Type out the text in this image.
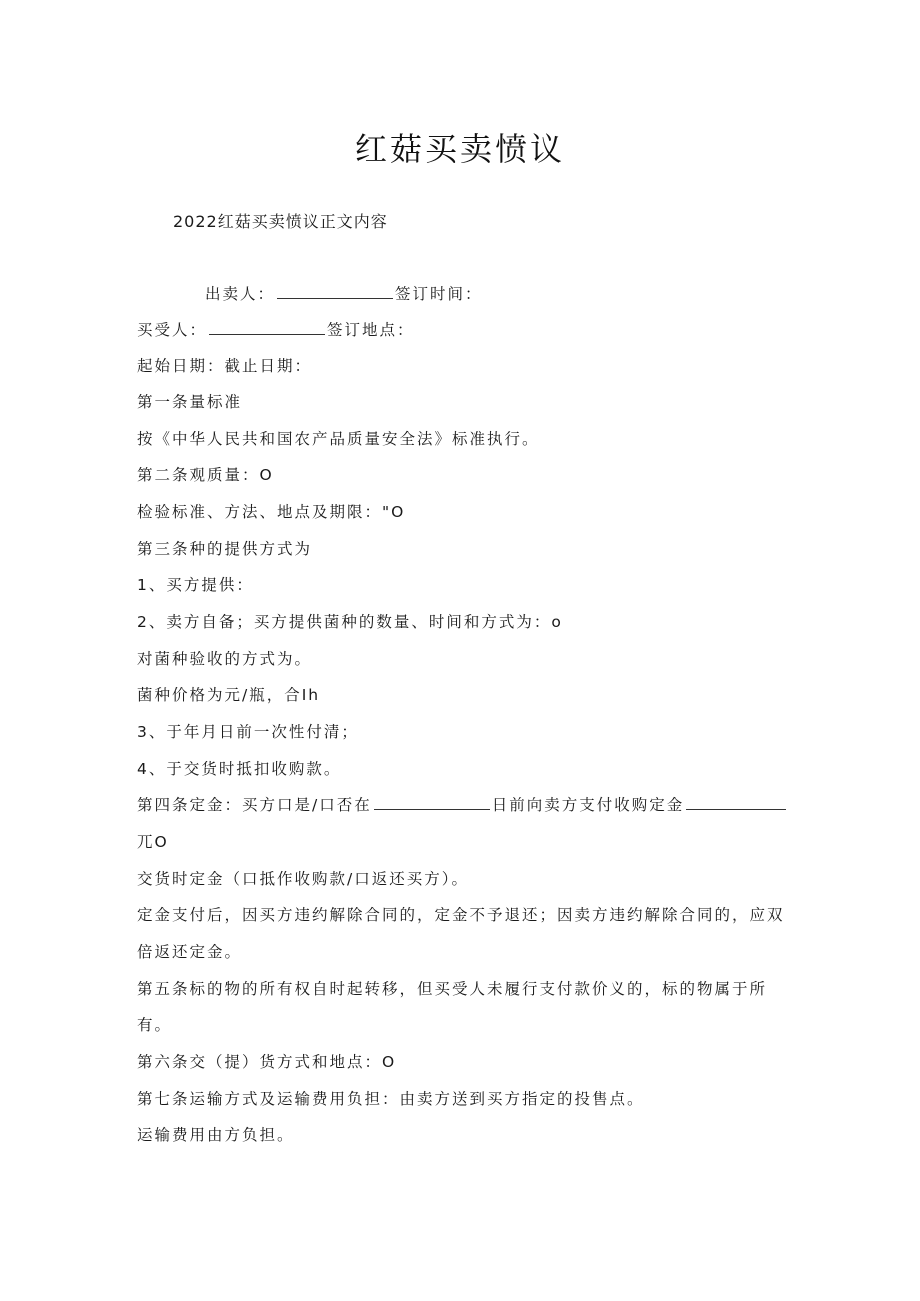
红菇买卖愤议

2022红菇买卖愤议正文内容

出卖人：	签订时间：

买受人：	签订地点：

起始日期：截止日期：

第一条量标准

按《中华人民共和国农产品质量安全法》标准执行。

第二条观质量：O

检验标准、方法、地点及期限："O

第三条种的提供方式为

1、买方提供：

2、卖方自备；买方提供菌种的数量、时间和方式为：o

对菌种验收的方式为。

菌种价格为元/瓶，合Ih

3、于年月日前一次性付清；

4、于交货时抵扣收购款。

第四条定金：买方口是/口否在	日前向卖方支付收购定金

兀O

交货时定金（口抵作收购款/口返还买方）。

定金支付后，因买方违约解除合同的，定金不予退还；因卖方违约解除合同的，应双

倍返还定金。

第五条标的物的所有权自时起转移，但买受人未履行支付款价义的，标的物属于所

有。

第六条交（提）货方式和地点：O

第七条运输方式及运输费用负担：由卖方送到买方指定的投售点。

运输费用由方负担。
